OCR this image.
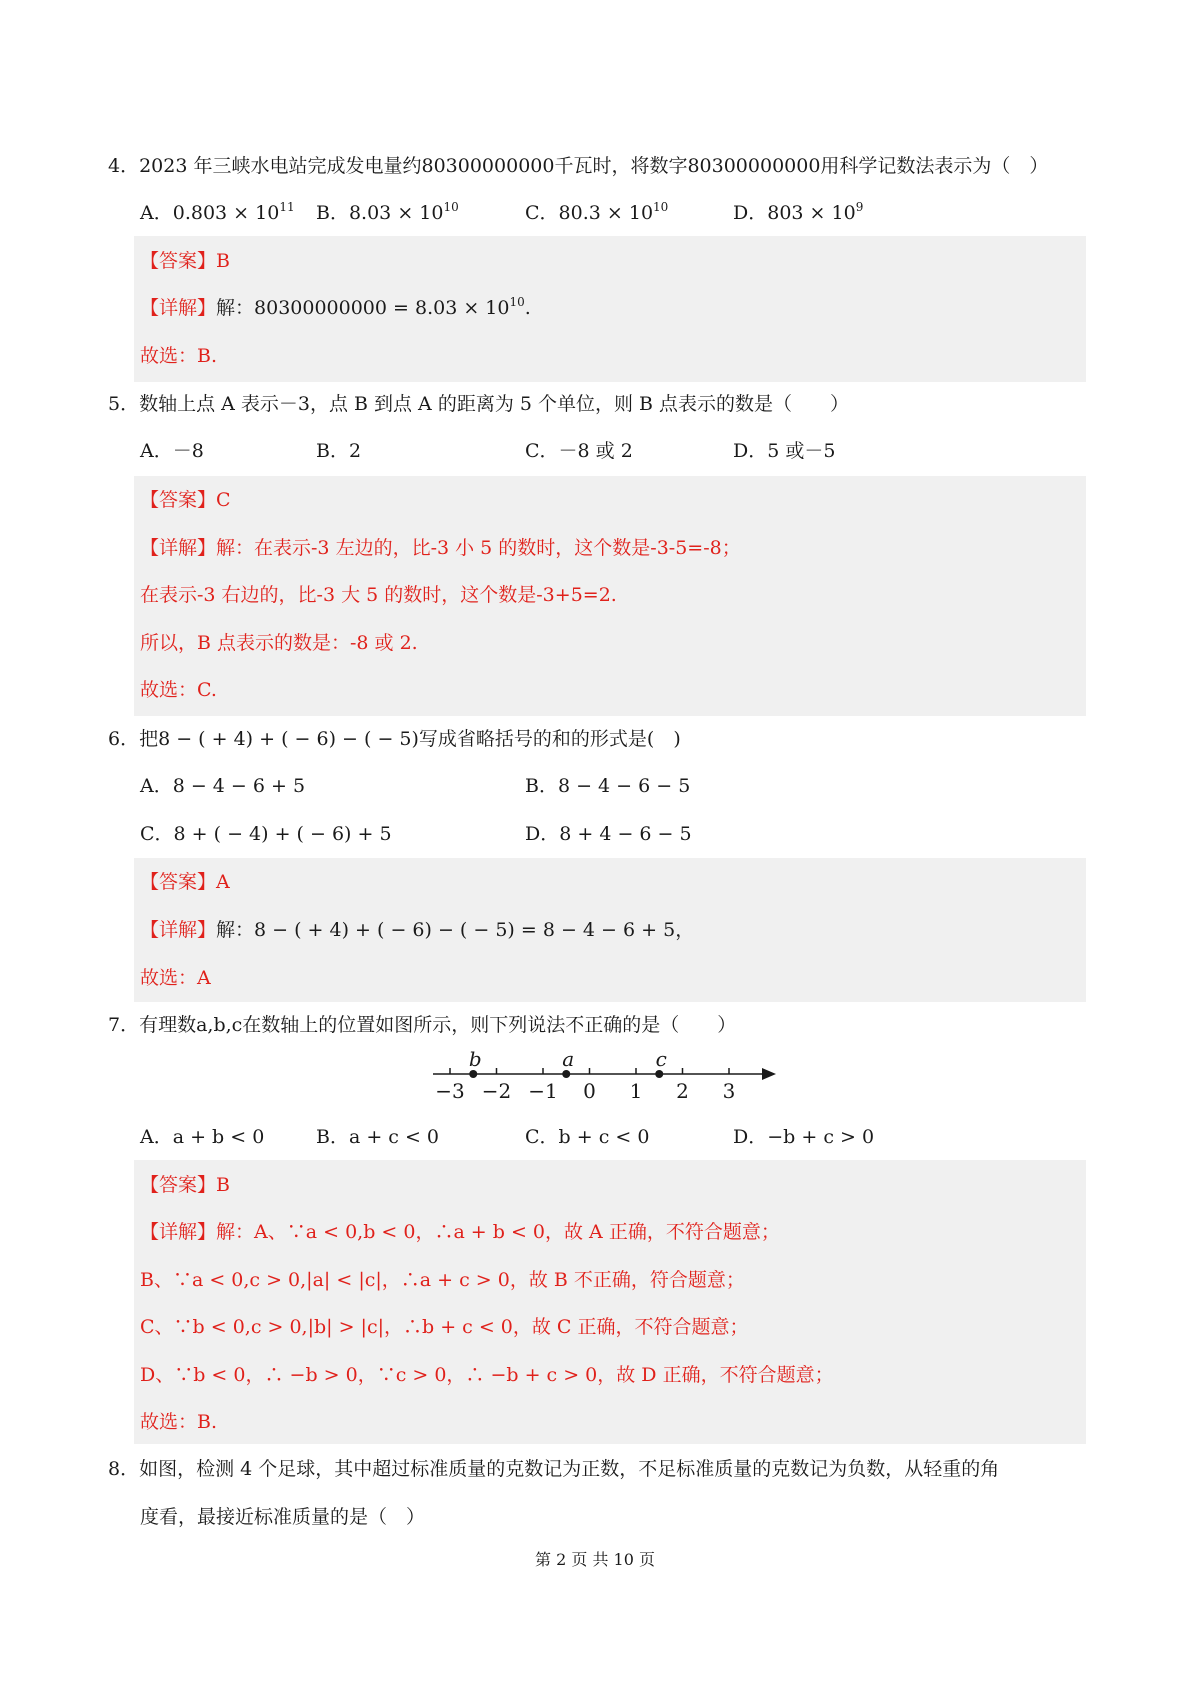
4．2023 年三峡水电站完成发电量约80300000000千瓦时，将数字80300000000用科学记数法表示为（　）
A．$0.803 \times 10^{11}$ B．$8.03 \times 10^{10}$	C．$80.3 \times 10^{10}$	D．$803 \times 10^9$
【答案】B
【详解】解：$80300000000 = 8.03 \times 10^{10}$.
故选：B.
5．数轴上点 A 表示－3，点 B 到点 A 的距离为 5 个单位，则 B 点表示的数是（　　）
A．－8	B．2	C．－8 或 2	D．5 或－5
【答案】C
【详解】解：在表示-3 左边的，比-3 小 5 的数时，这个数是-3-5=-8；
在表示-3 右边的，比-3 大 5 的数时，这个数是-3+5=2.
所以，B 点表示的数是：-8 或 2.
故选：C.
6．把8 − ( + 4) + ( − 6) − ( − 5)写成省略括号的和的形式是(　)
A．8 − 4 − 6 + 5	B．8 − 4 − 6 − 5
C．8 + ( − 4) + ( − 6) + 5	D．8 + 4 − 6 − 5
【答案】A
【详解】解：8 − ( + 4) + ( − 6) − ( − 5) = 8 − 4 − 6 + 5，
故选：A
7．有理数a,b,c在数轴上的位置如图所示，则下列说法不正确的是（　　）
−3 −2 −1 0 1 2 3
b	a	c
A．a + b < 0	B．a + c < 0	C．b + c < 0	D．−b + c > 0
【答案】B
【详解】解：A、∵a < 0,b < 0，∴a + b < 0，故 A 正确，不符合题意；
B、∵a < 0,c > 0,|a| < |c|，∴a + c > 0，故 B 不正确，符合题意；
C、∵b < 0,c > 0,|b| > |c|，∴b + c < 0，故 C 正确，不符合题意；
D、∵b < 0，∴ −b > 0，∵c > 0，∴ −b + c > 0，故 D 正确，不符合题意；
故选：B.
8．如图，检测 4 个足球，其中超过标准质量的克数记为正数，不足标准质量的克数记为负数，从轻重的角
度看，最接近标准质量的是（　）
第 2 页 共 10 页
